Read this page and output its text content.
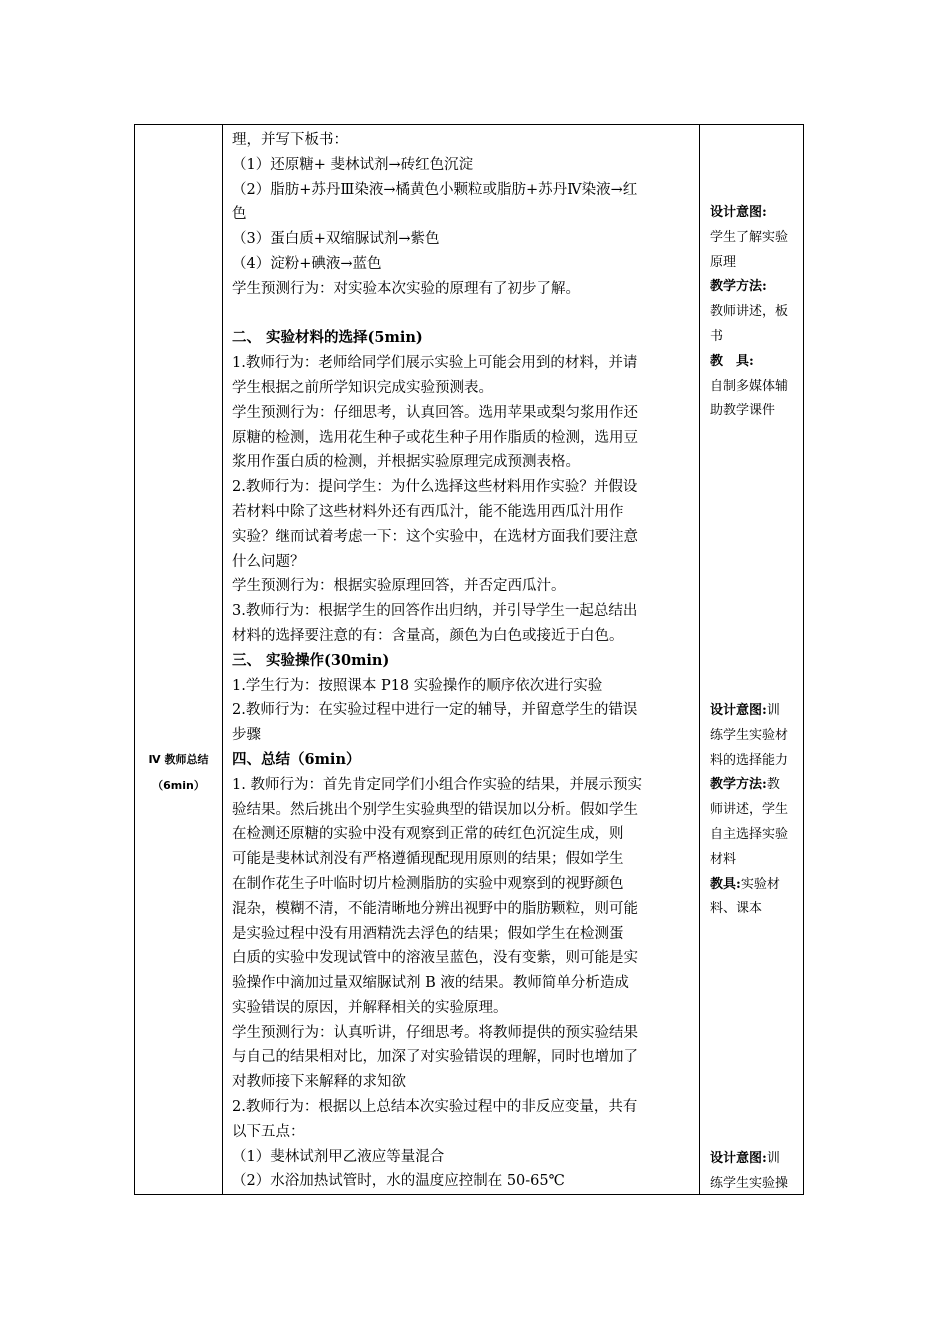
Ⅳ 教师总结
（6min）
理，并写下板书：
（1）还原糖+ 斐林试剂→砖红色沉淀
（2）脂肪+苏丹Ⅲ染液→橘黄色小颗粒或脂肪+苏丹Ⅳ染液→红
色
（3）蛋白质+双缩脲试剂→紫色
（4）淀粉+碘液→蓝色
学生预测行为：对实验本次实验的原理有了初步了解。
二、 实验材料的选择(5min)
1.教师行为：老师给同学们展示实验上可能会用到的材料，并请
学生根据之前所学知识完成实验预测表。
学生预测行为：仔细思考，认真回答。选用苹果或梨匀浆用作还
原糖的检测，选用花生种子或花生种子用作脂质的检测，选用豆
浆用作蛋白质的检测，并根据实验原理完成预测表格。
2.教师行为：提问学生：为什么选择这些材料用作实验？并假设
若材料中除了这些材料外还有西瓜汁，能不能选用西瓜汁用作
实验？继而试着考虑一下：这个实验中，在选材方面我们要注意
什么问题？
学生预测行为：根据实验原理回答，并否定西瓜汁。
3.教师行为：根据学生的回答作出归纳，并引导学生一起总结出
材料的选择要注意的有：含量高，颜色为白色或接近于白色。
三、 实验操作(30min)
1.学生行为：按照课本 P18 实验操作的顺序依次进行实验
2.教师行为：在实验过程中进行一定的辅导，并留意学生的错误
步骤
四、总结（6min）
1. 教师行为：首先肯定同学们小组合作实验的结果，并展示预实
验结果。然后挑出个别学生实验典型的错误加以分析。假如学生
在检测还原糖的实验中没有观察到正常的砖红色沉淀生成，则
可能是斐林试剂没有严格遵循现配现用原则的结果；假如学生
在制作花生子叶临时切片检测脂肪的实验中观察到的视野颜色
混杂，模糊不清，不能清晰地分辨出视野中的脂肪颗粒，则可能
是实验过程中没有用酒精洗去浮色的结果；假如学生在检测蛋
白质的实验中发现试管中的溶液呈蓝色，没有变紫，则可能是实
验操作中滴加过量双缩脲试剂 B 液的结果。教师简单分析造成
实验错误的原因，并解释相关的实验原理。
学生预测行为：认真听讲，仔细思考。将教师提供的预实验结果
与自己的结果相对比，加深了对实验错误的理解，同时也增加了
对教师接下来解释的求知欲
2.教师行为：根据以上总结本次实验过程中的非反应变量，共有
以下五点：
（1）斐林试剂甲乙液应等量混合
（2）水浴加热试管时，水的温度应控制在 50-65℃
设计意图:
学生了解实验
原理
教学方法:
教师讲述，板
书
教　具:
自制多媒体辅
助教学课件
设计意图:训
练学生实验材
料的选择能力
教学方法:教
师讲述，学生
自主选择实验
材料
教具:实验材
料、课本
设计意图:训
练学生实验操
